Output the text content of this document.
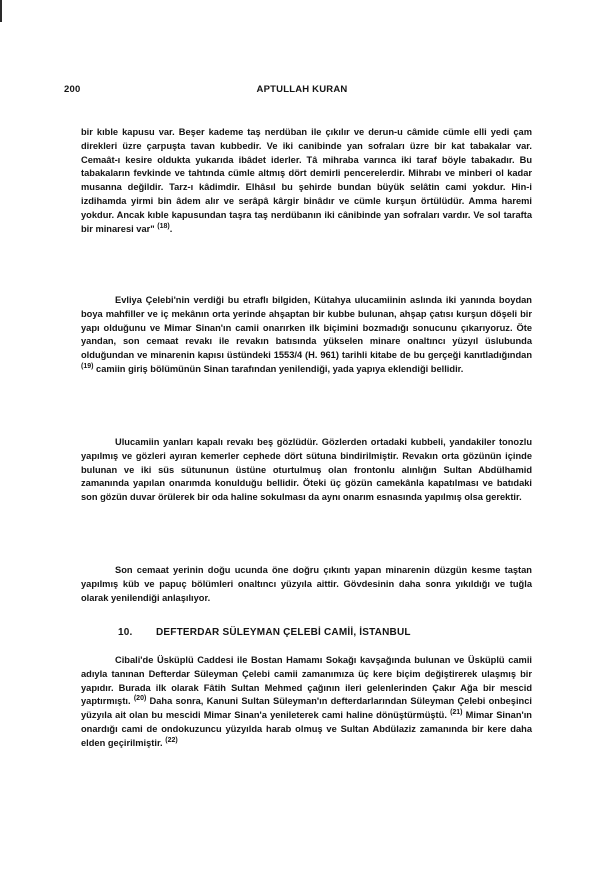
200	APTULLAH KURAN

bir kıble kapusu var. Beşer kademe taş nerdüban ile çıkılır ve derun-u câmide cümle elli yedi çam direkleri üzre çarpuşta tavan kubbedir. Ve iki canibinde yan sofraları üzre bir kat tabakalar var. Cemaât-ı kesire oldukta yukarıda ibâdet iderler. Tâ mihraba varınca iki taraf böyle tabakadır. Bu tabakaların fevkinde ve tahtında cümle altmış dört demirli pencerelerdir. Mihrabı ve minberi ol kadar musanna değildir. Tarz-ı kâdimdir. Elhâsıl bu şehirde bundan büyük selâtin cami yokdur. Hin-i izdihamda yirmi bin âdem alır ve serâpâ kârgir binâdır ve cümle kurşun örtülüdür. Amma haremi yokdur. Ancak kıble kapusundan taşra taş nerdübanın iki cânibinde yan sofraları vardır. Ve sol tarafta bir minaresi var" $^{(18)}$.

Evliya Çelebi'nin verdiği bu etraflı bilgiden, Kütahya ulucamiinin aslında iki yanında boydan boya mahfiller ve iç mekânın orta yerinde ahşaptan bir kubbe bulunan, ahşap çatısı kurşun döşeli bir yapı olduğunu ve Mimar Sinan'ın camii onarırken ilk biçimini bozmadığı sonucunu çıkarıyoruz. Öte yandan, son cemaat revakı ile revakın batısında yükselen minare onaltıncı yüzyıl üslubunda olduğundan ve minarenin kapısı üstündeki 1553/4 (H. 961) tarihli kitabe de bu gerçeği kanıtladığından $^{(19)}$ camiin giriş bölümünün Sinan tarafından yenilendiği, yada yapıya eklendiği bellidir.

Ulucamiin yanları kapalı revakı beş gözlüdür. Gözlerden ortadaki kubbeli, yandakiler tonozlu yapılmış ve gözleri ayıran kemerler cephede dört sütuna bindirilmiştir. Revakın orta gözünün içinde bulunan ve iki süs sütununun üstüne oturtulmuş olan frontonlu alınlığın Sultan Abdülhamid zamanında yapılan onarımda konulduğu bellidir. Öteki üç gözün camekânla kapatılması ve batıdaki son gözün duvar örülerek bir oda haline sokulması da aynı onarım esnasında yapılmış olsa gerektir.

Son cemaat yerinin doğu ucunda öne doğru çıkıntı yapan minarenin düzgün kesme taştan yapılmış küb ve papuç bölümleri onaltıncı yüzyıla aittir. Gövdesinin daha sonra yıkıldığı ve tuğla olarak yenilendiği anlaşılıyor.

10. DEFTERDAR SÜLEYMAN ÇELEBİ CAMİİ, İSTANBUL

Cibali'de Üsküplü Caddesi ile Bostan Hamamı Sokağı kavşağında bulunan ve Üsküplü camii adıyla tanınan Defterdar Süleyman Çelebi camii zamanımıza üç kere biçim değiştirerek ulaşmış bir yapıdır. Burada ilk olarak Fâtih Sultan Mehmed çağının ileri gelenlerinden Çakır Ağa bir mescid yaptırmıştı. $^{(20)}$ Daha sonra, Kanuni Sultan Süleyman'ın defterdarlarından Süleyman Çelebi onbeşinci yüzyıla ait olan bu mescidi Mimar Sinan'a yenileterek cami haline dönüştürmüştü. $^{(21)}$ Mimar Sinan'ın onardığı cami de ondokuzuncu yüzyılda harab olmuş ve Sultan Abdülaziz zamanında bir kere daha elden geçirilmiştir. $^{(22)}$
